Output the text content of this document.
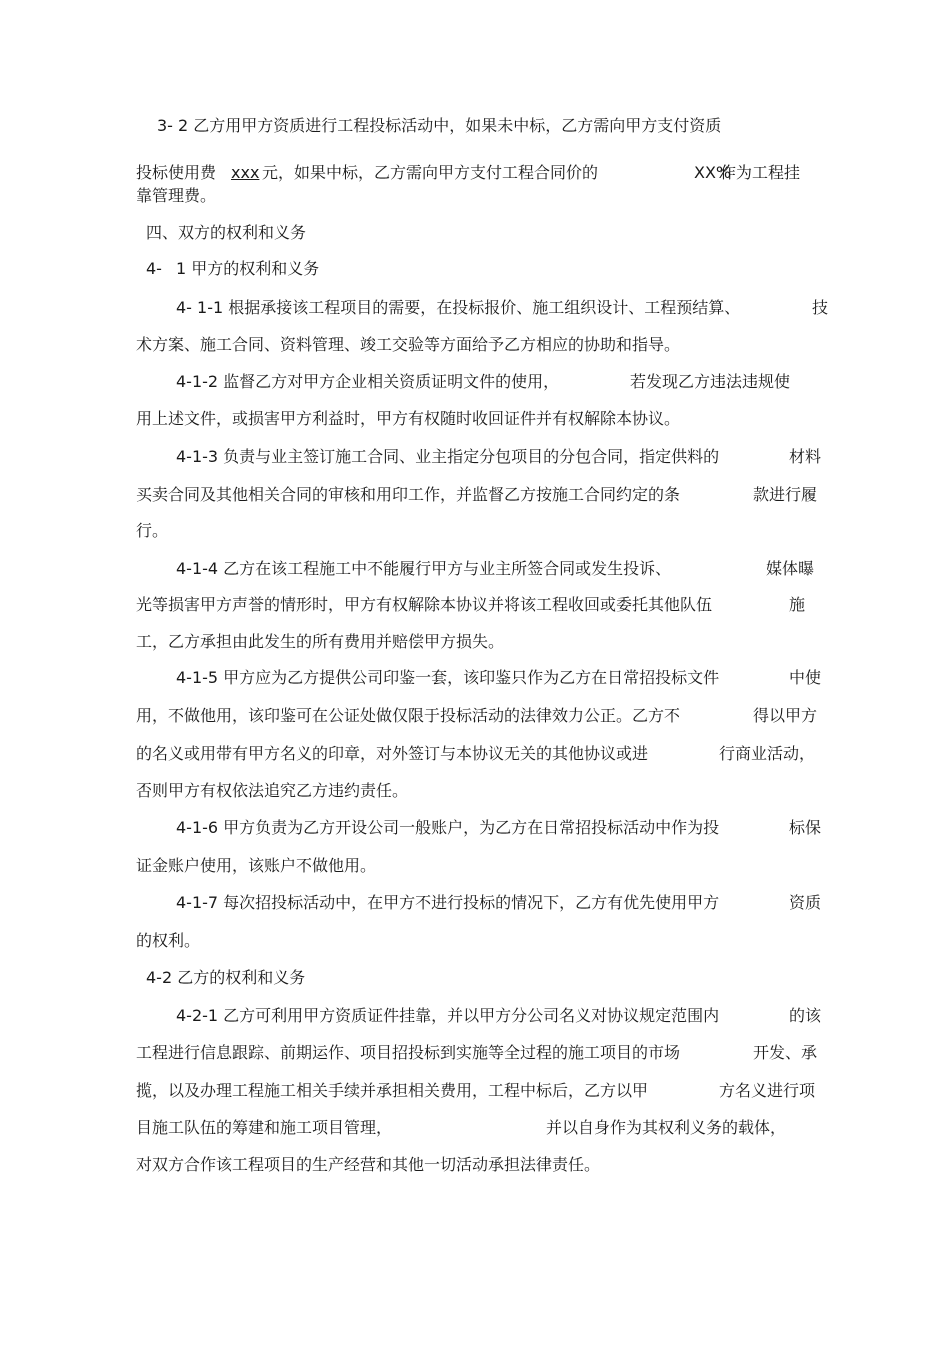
3- 2 乙方用甲方资质进行工程投标活动中，如果未中标，乙方需向甲方支付资质
投标使用费 xxx 元，如果中标，乙方需向甲方支付工程合同价的	XX%
作为工程挂
靠管理费。
四、双方的权利和义务
4- 1 甲方的权利和义务
4- 1-1 根据承接该工程项目的需要，在投标报价、施工组织设计、工程预结算、	技
术方案、施工合同、资料管理、竣工交验等方面给予乙方相应的协助和指导。
4-1-2 监督乙方对甲方企业相关资质证明文件的使用，	若发现乙方违法违规使
用上述文件，或损害甲方利益时，甲方有权随时收回证件并有权解除本协议。
4-1-3 负责与业主签订施工合同、业主指定分包项目的分包合同，指定供料的	材料
买卖合同及其他相关合同的审核和用印工作，并监督乙方按施工合同约定的条	款进行履
行。
4-1-4 乙方在该工程施工中不能履行甲方与业主所签合同或发生投诉、	媒体曝
光等损害甲方声誉的情形时，甲方有权解除本协议并将该工程收回或委托其他队伍	施
工，乙方承担由此发生的所有费用并赔偿甲方损失。
4-1-5 甲方应为乙方提供公司印鉴一套，该印鉴只作为乙方在日常招投标文件	中使
用，不做他用，该印鉴可在公证处做仅限于投标活动的法律效力公正。乙方不	得以甲方
的名义或用带有甲方名义的印章，对外签订与本协议无关的其他协议或进	行商业活动，
否则甲方有权依法追究乙方违约责任。
4-1-6 甲方负责为乙方开设公司一般账户，为乙方在日常招投标活动中作为投	标保
证金账户使用，该账户不做他用。
4-1-7 每次招投标活动中，在甲方不进行投标的情况下，乙方有优先使用甲方	资质
的权利。
4-2 乙方的权利和义务
4-2-1 乙方可利用甲方资质证件挂靠，并以甲方分公司名义对协议规定范围内	的该
工程进行信息跟踪、前期运作、项目招投标到实施等全过程的施工项目的市场	开发、承
揽，以及办理工程施工相关手续并承担相关费用，工程中标后，乙方以甲	方名义进行项
目施工队伍的筹建和施工项目管理，	并以自身作为其权利义务的载体，
对双方合作该工程项目的生产经营和其他一切活动承担法律责任。
